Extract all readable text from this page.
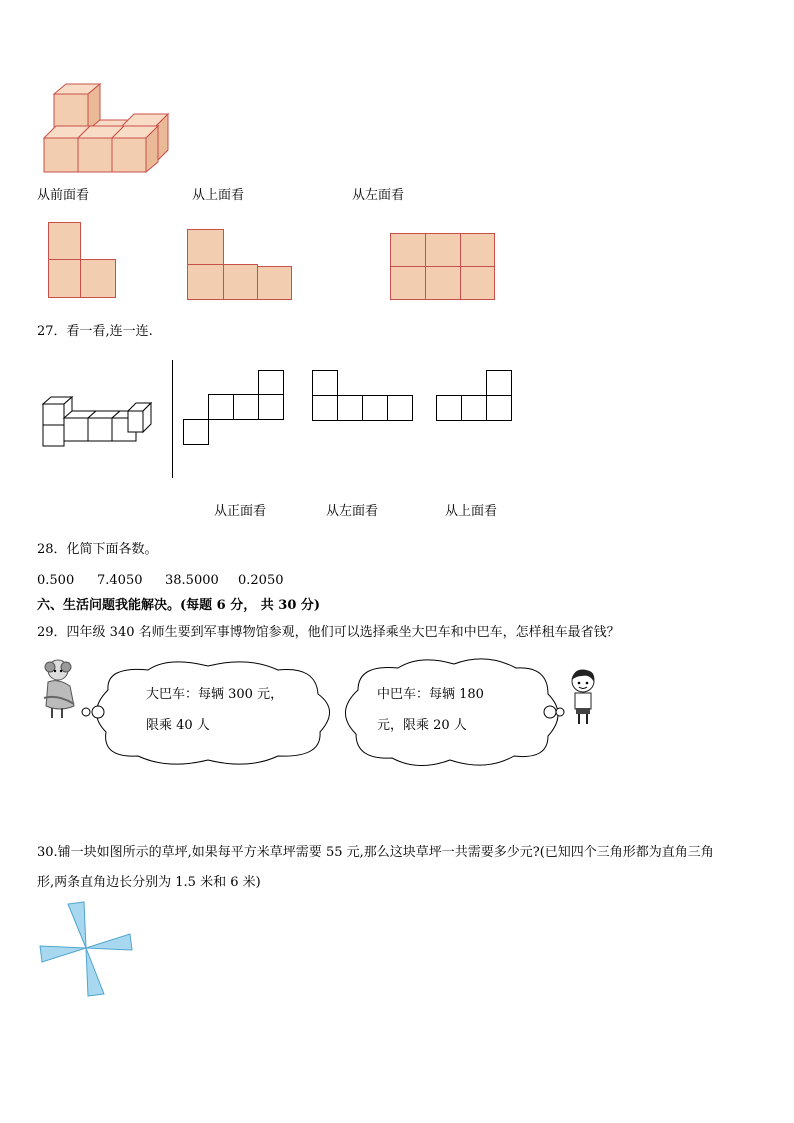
从前面看	从上面看	从左面看
27．看一看,连一连.
从正面看	从左面看	从上面看
28．化简下面各数。
0.500 7.4050 38.5000 0.2050
六、生活问题我能解决。(每题 6 分， 共 30 分)
29．四年级 340 名师生要到军事博物馆参观，他们可以选择乘坐大巴车和中巴车，怎样租车最省钱？
大巴车：每辆 300 元，
限乘 40 人
中巴车：每辆 180
元，限乘 20 人
30.铺一块如图所示的草坪,如果每平方米草坪需要 55 元,那么这块草坪一共需要多少元?(已知四个三角形都为直角三角
形,两条直角边长分别为 1.5 米和 6 米)
